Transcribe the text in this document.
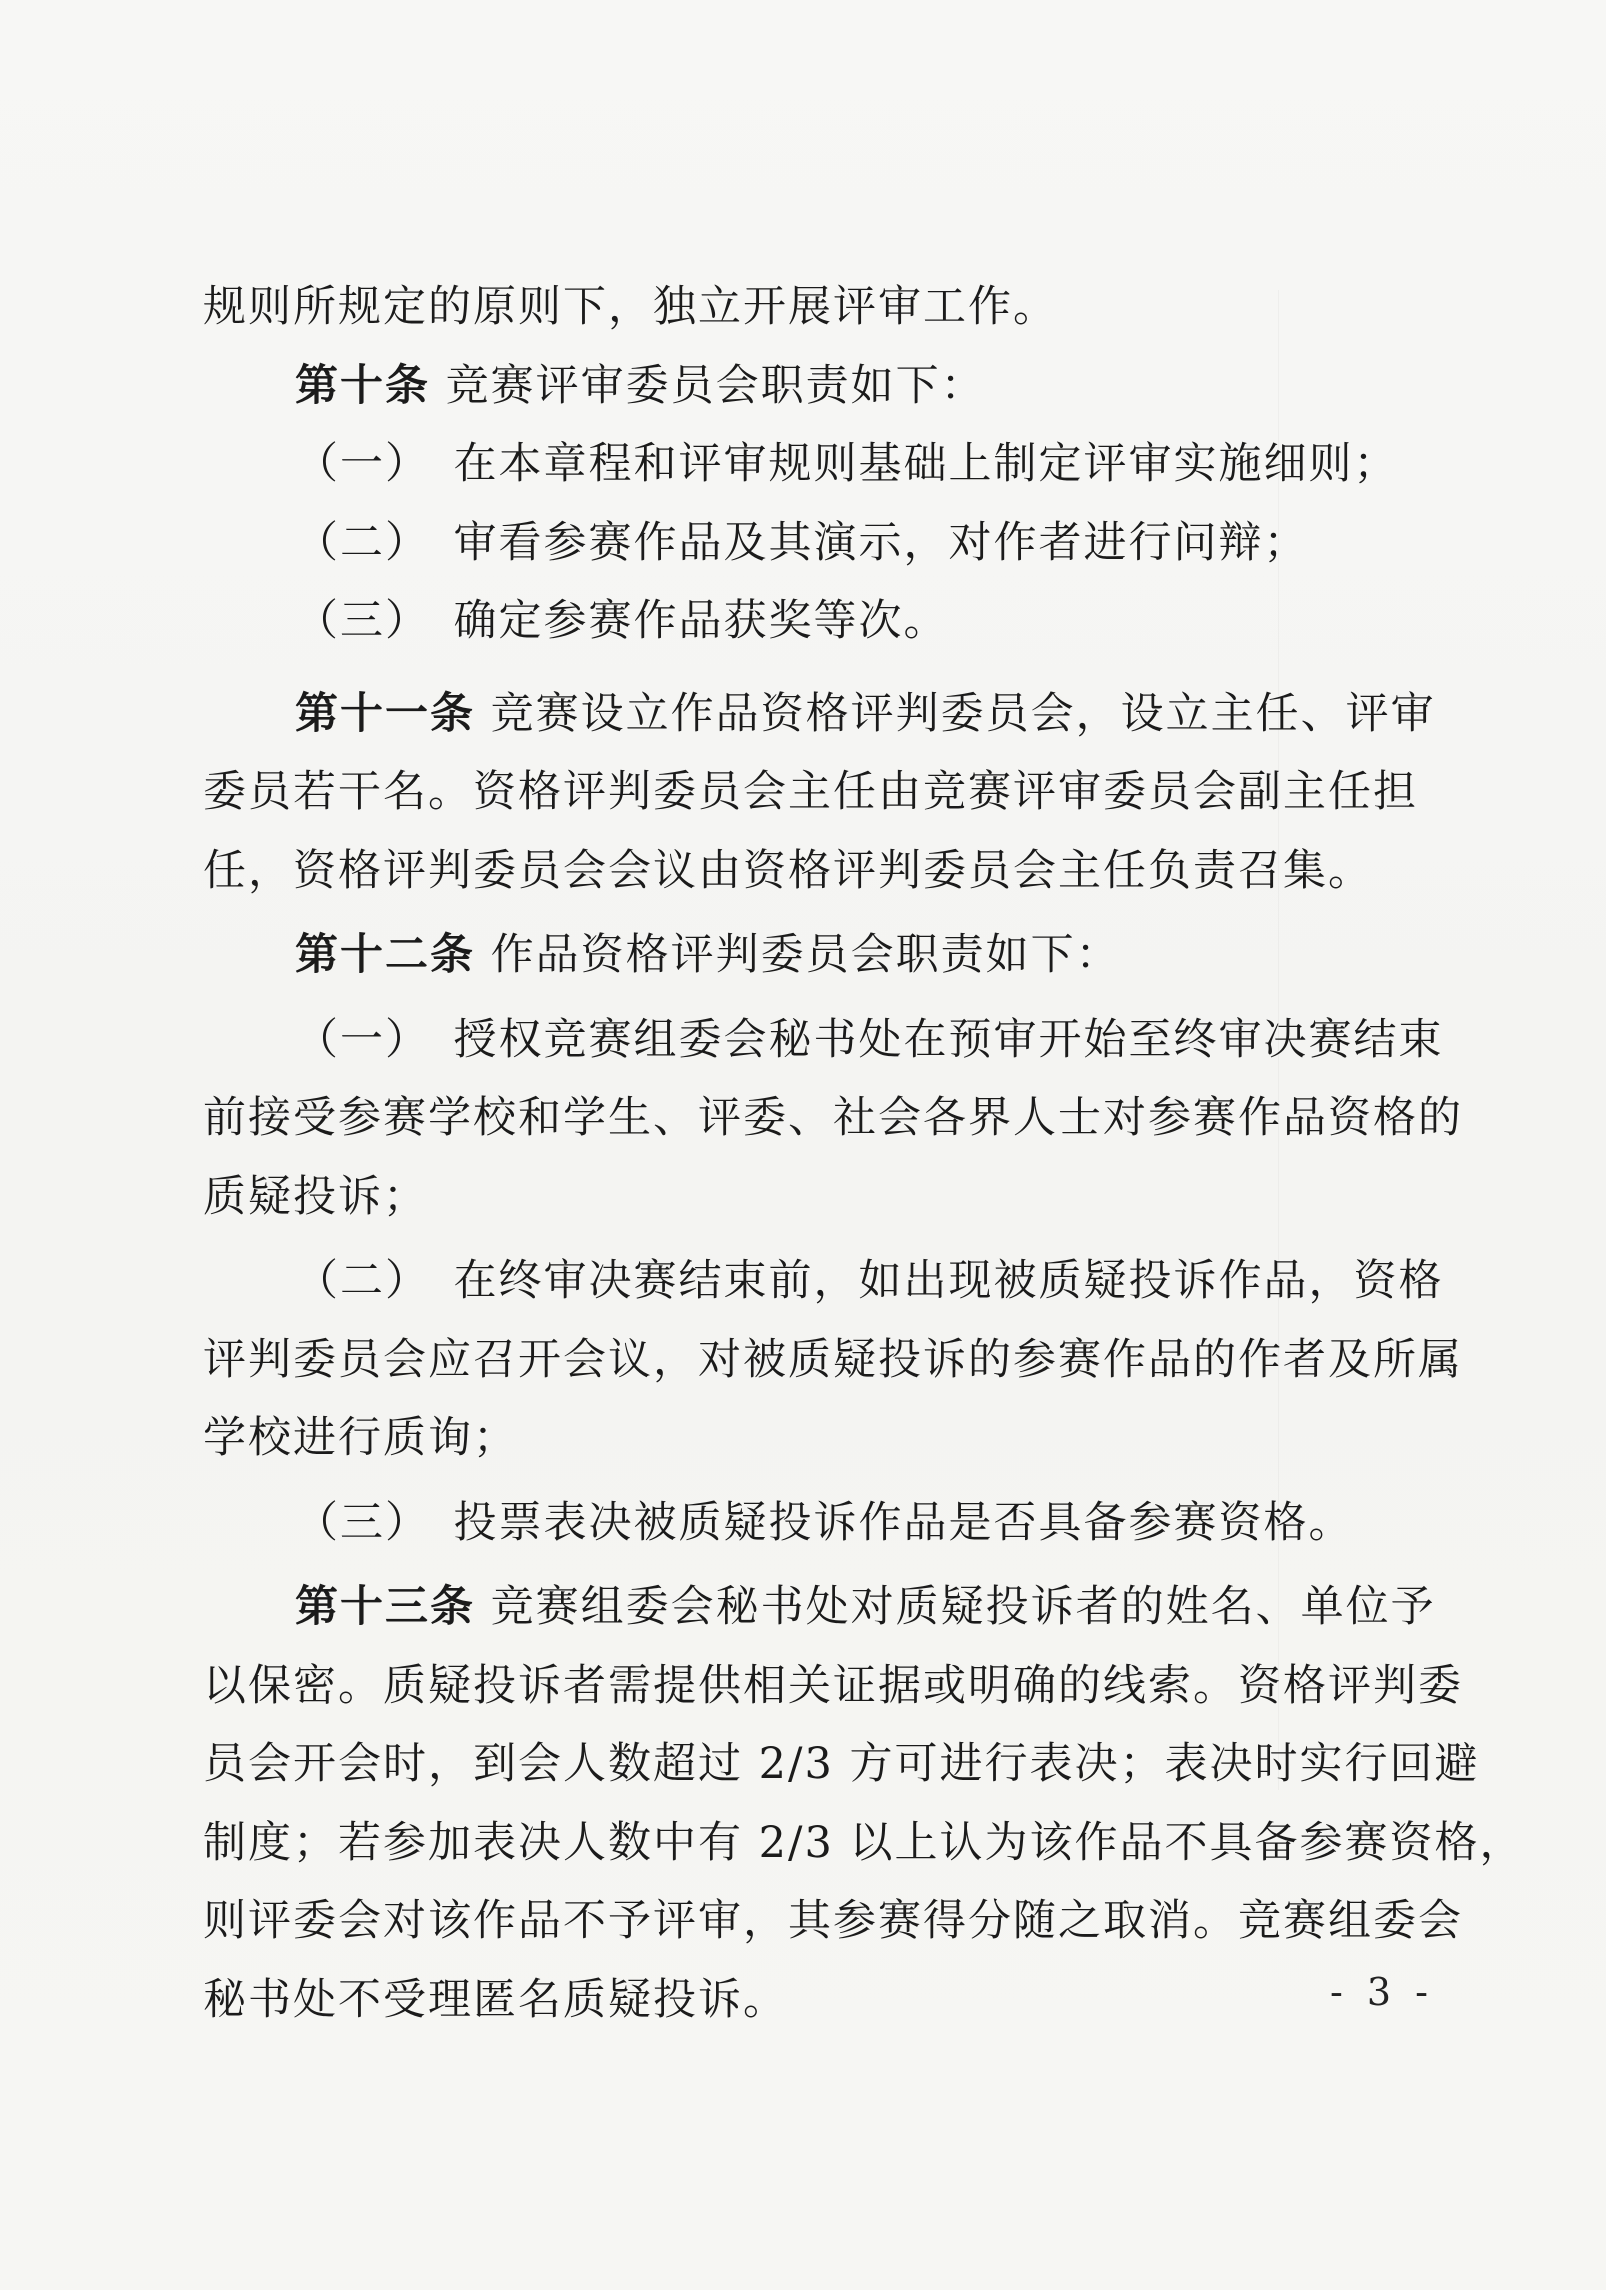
规则所规定的原则下，独立开展评审工作。
第十条 竞赛评审委员会职责如下：
（一）　在本章程和评审规则基础上制定评审实施细则；
（二）　审看参赛作品及其演示，对作者进行问辩；
（三）　确定参赛作品获奖等次。
第十一条 竞赛设立作品资格评判委员会，设立主任、评审
委员若干名。资格评判委员会主任由竞赛评审委员会副主任担
任，资格评判委员会会议由资格评判委员会主任负责召集。
第十二条 作品资格评判委员会职责如下：
（一）　授权竞赛组委会秘书处在预审开始至终审决赛结束
前接受参赛学校和学生、评委、社会各界人士对参赛作品资格的
质疑投诉；
（二）　在终审决赛结束前，如出现被质疑投诉作品，资格
评判委员会应召开会议，对被质疑投诉的参赛作品的作者及所属
学校进行质询；
（三）　投票表决被质疑投诉作品是否具备参赛资格。
第十三条 竞赛组委会秘书处对质疑投诉者的姓名、单位予
以保密。质疑投诉者需提供相关证据或明确的线索。资格评判委
员会开会时，到会人数超过 2/3 方可进行表决；表决时实行回避
制度；若参加表决人数中有 2/3 以上认为该作品不具备参赛资格，
则评委会对该作品不予评审，其参赛得分随之取消。竞赛组委会
秘书处不受理匿名质疑投诉。	- 3 -
